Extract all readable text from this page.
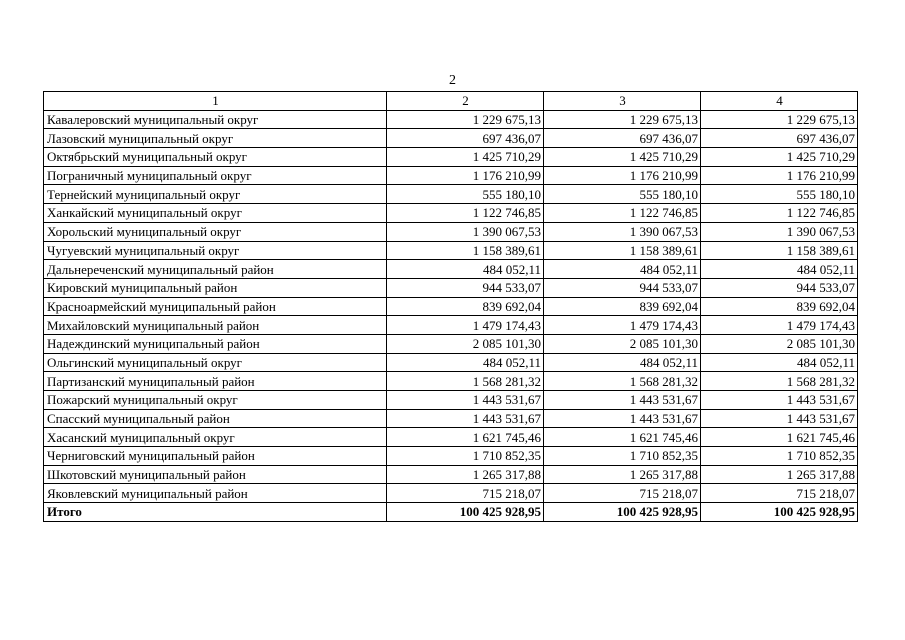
2
1	2	3	4
Кавалеровский муниципальный округ	1 229 675,13	1 229 675,13	1 229 675,13
Лазовский муниципальный округ	697 436,07	697 436,07	697 436,07
Октябрьский муниципальный округ	1 425 710,29	1 425 710,29	1 425 710,29
Пограничный муниципальный округ	1 176 210,99	1 176 210,99	1 176 210,99
Тернейский муниципальный округ	555 180,10	555 180,10	555 180,10
Ханкайский муниципальный округ	1 122 746,85	1 122 746,85	1 122 746,85
Хорольский муниципальный округ	1 390 067,53	1 390 067,53	1 390 067,53
Чугуевский муниципальный округ	1 158 389,61	1 158 389,61	1 158 389,61
Дальнереченский муниципальный район	484 052,11	484 052,11	484 052,11
Кировский муниципальный район	944 533,07	944 533,07	944 533,07
Красноармейский муниципальный район	839 692,04	839 692,04	839 692,04
Михайловский муниципальный район	1 479 174,43	1 479 174,43	1 479 174,43
Надеждинский муниципальный район	2 085 101,30	2 085 101,30	2 085 101,30
Ольгинский муниципальный округ	484 052,11	484 052,11	484 052,11
Партизанский муниципальный район	1 568 281,32	1 568 281,32	1 568 281,32
Пожарский муниципальный округ	1 443 531,67	1 443 531,67	1 443 531,67
Спасский муниципальный район	1 443 531,67	1 443 531,67	1 443 531,67
Хасанский муниципальный округ	1 621 745,46	1 621 745,46	1 621 745,46
Черниговский муниципальный район	1 710 852,35	1 710 852,35	1 710 852,35
Шкотовский муниципальный район	1 265 317,88	1 265 317,88	1 265 317,88
Яковлевский муниципальный район	715 218,07	715 218,07	715 218,07
Итого	100 425 928,95	100 425 928,95	100 425 928,95
